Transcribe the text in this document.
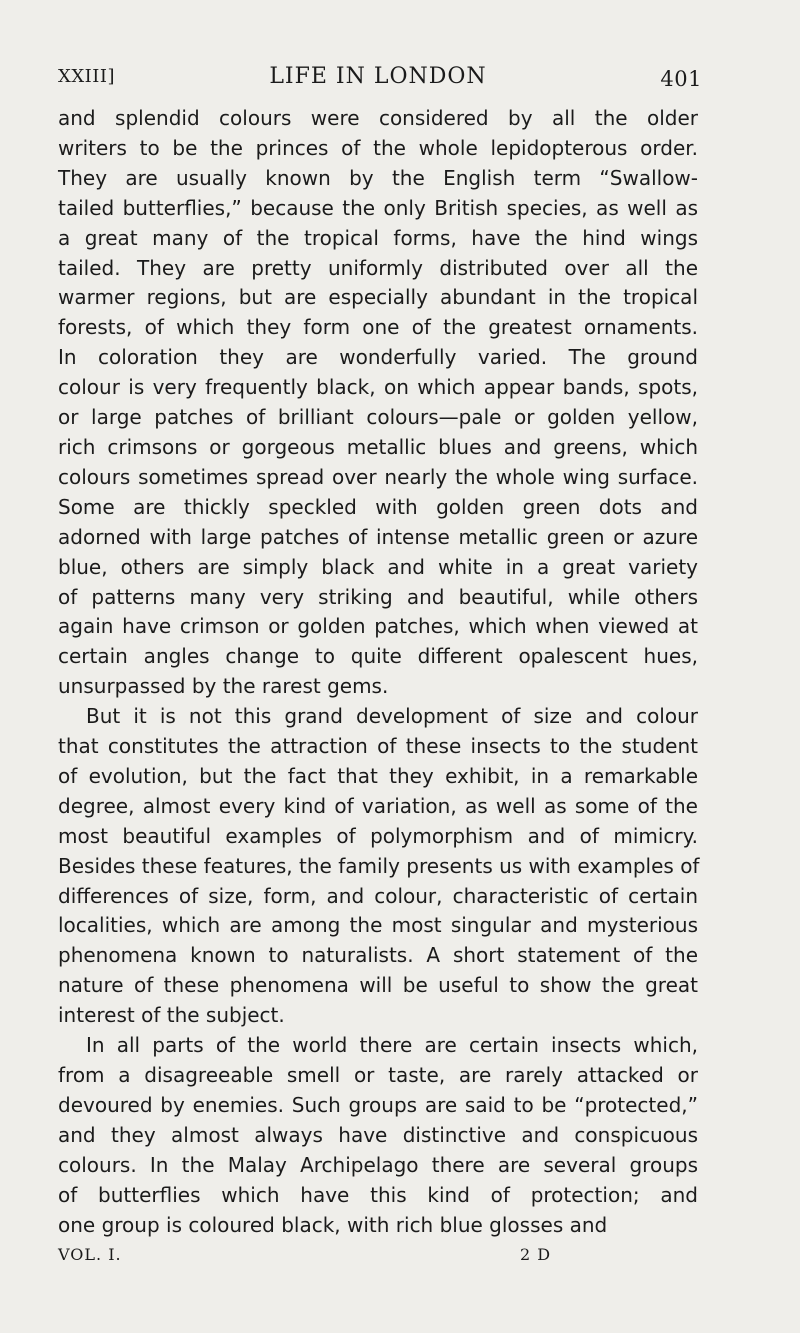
XXIII]	LIFE IN LONDON	401

and splendid colours were considered by all the older
writers to be the princes of the whole lepidopterous order.
They are usually known by the English term “Swallow-
tailed butterflies,” because the only British species, as well as
a great many of the tropical forms, have the hind wings
tailed. They are pretty uniformly distributed over all the
warmer regions, but are especially abundant in the tropical
forests, of which they form one of the greatest ornaments.
In coloration they are wonderfully varied. The ground
colour is very frequently black, on which appear bands, spots,
or large patches of brilliant colours—pale or golden yellow,
rich crimsons or gorgeous metallic blues and greens, which
colours sometimes spread over nearly the whole wing surface.
Some are thickly speckled with golden green dots and
adorned with large patches of intense metallic green or azure
blue, others are simply black and white in a great variety
of patterns many very striking and beautiful, while others
again have crimson or golden patches, which when viewed at
certain angles change to quite different opalescent hues,
unsurpassed by the rarest gems.

But it is not this grand development of size and colour
that constitutes the attraction of these insects to the student
of evolution, but the fact that they exhibit, in a remarkable
degree, almost every kind of variation, as well as some of the
most beautiful examples of polymorphism and of mimicry.
Besides these features, the family presents us with examples of
differences of size, form, and colour, characteristic of certain
localities, which are among the most singular and mysterious
phenomena known to naturalists. A short statement of the
nature of these phenomena will be useful to show the great
interest of the subject.

In all parts of the world there are certain insects which,
from a disagreeable smell or taste, are rarely attacked or
devoured by enemies. Such groups are said to be “protected,”
and they almost always have distinctive and conspicuous
colours. In the Malay Archipelago there are several groups
of butterflies which have this kind of protection; and
one group is coloured black, with rich blue glosses and

VOL. I.	2 D
